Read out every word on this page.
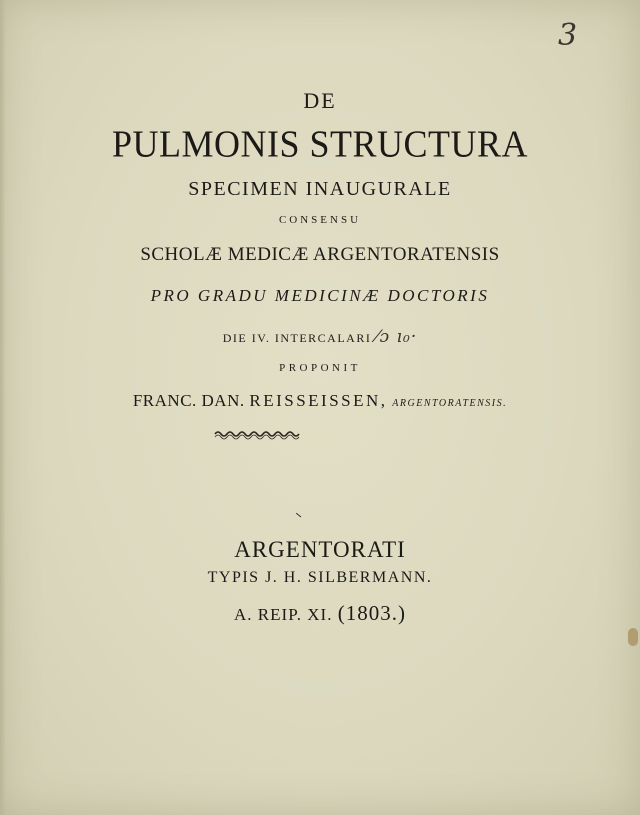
3
DE
PULMONIS STRUCTURA
SPECIMEN INAUGURALE
CONSENSU
SCHOLÆ MEDICÆ ARGENTORATENSIS
PRO GRADU MEDICINÆ DOCTORIS
DIE IV. INTERCALARI ⁄ɔ ı₀·
PROPONIT
FRANC. DAN. REISSEISSEN, ARGENTORATENSIS.
ARGENTORATI
TYPIS J. H. SILBERMANN.
A. REIP. XI. (1803.)
